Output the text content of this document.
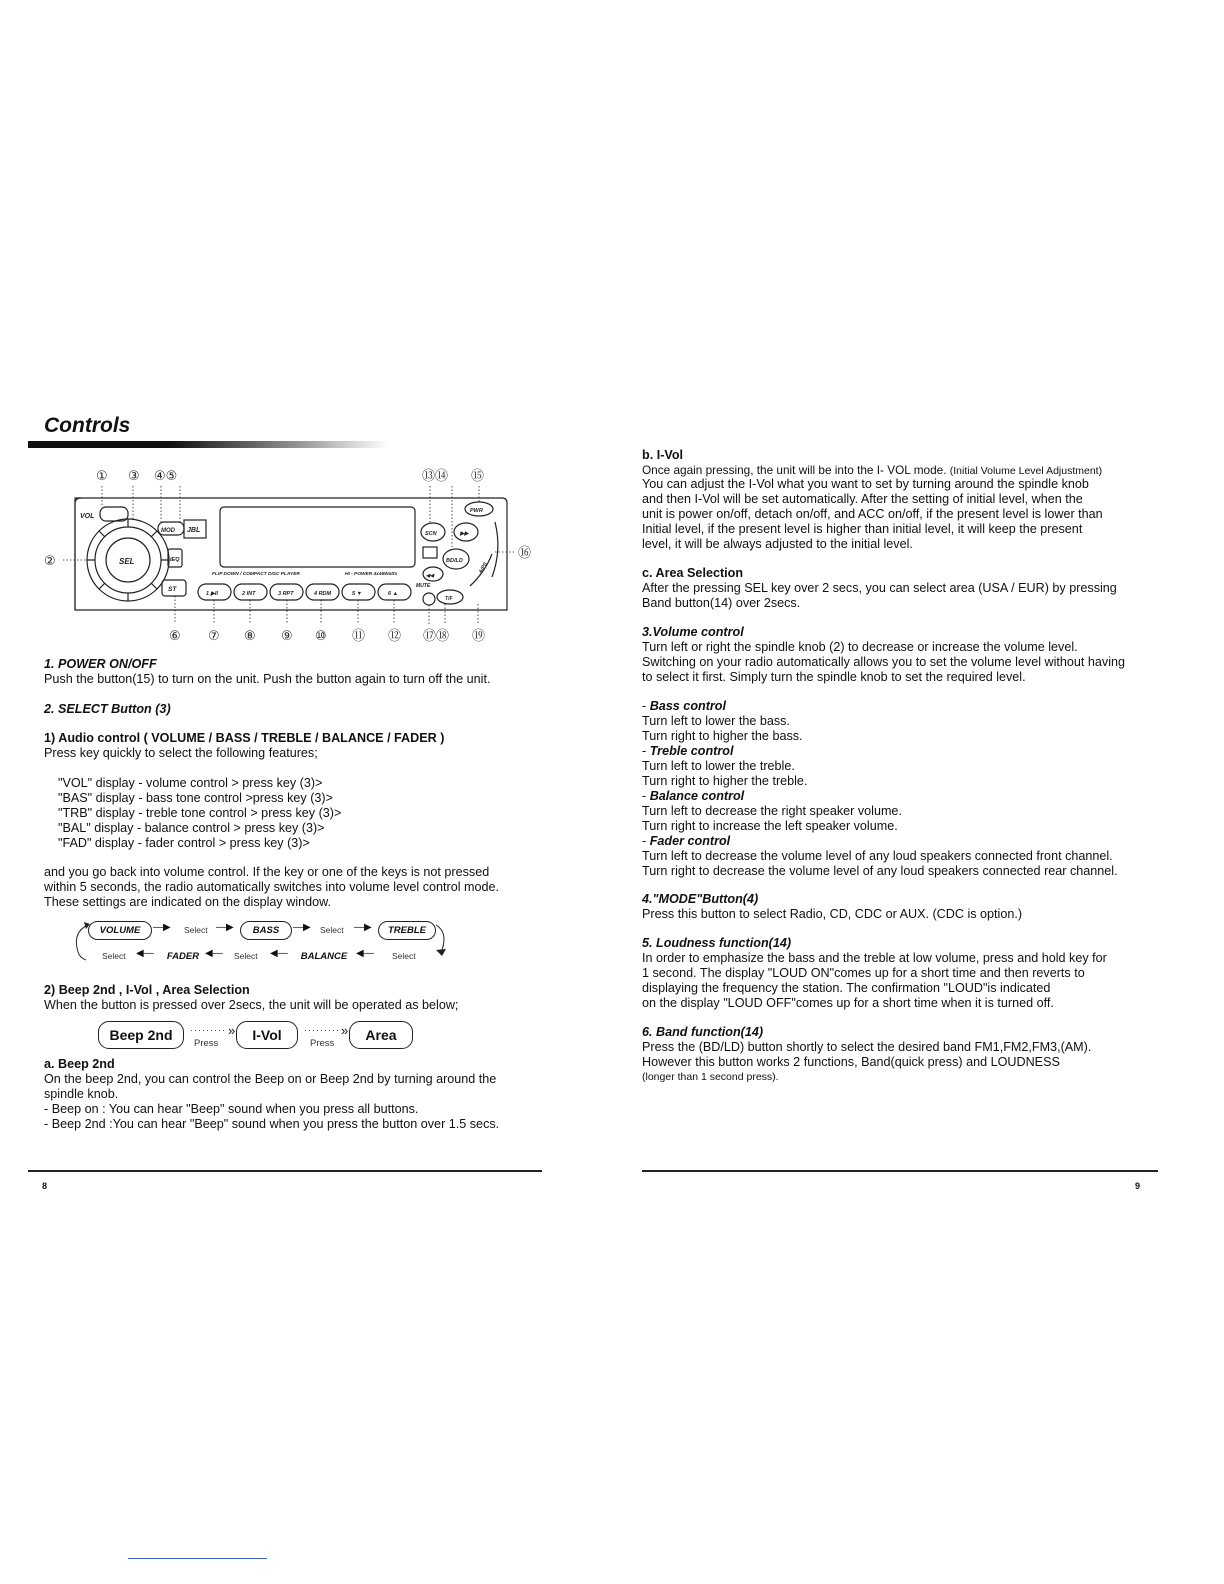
Controls
VOL
SEL
MOD JBL
IEQ
ST
FLIP DOWN / COMPACT DISC PLAYER	HI - POWER 4x45Watts
SCN	▶▶
BD/LD
◀◀
PWR
MUTE
T/F
A/PS
1 ▶II	2 INT	3 RPT	4 RDM	5 ▼	6 ▲
① ③ ④⑤	⑬⑭ ⑮
②
⑯
⑥ ⑦ ⑧ ⑨ ⑩ ⑪ ⑫ ⑰⑱ ⑲
1. POWER ON/OFF
Push the button(15) to turn on the unit. Push the button again to turn off the unit.
2. SELECT Button (3)
1) Audio control ( VOLUME / BASS / TREBLE / BALANCE / FADER )
Press key quickly to select the following features;
"VOL" display - volume control > press key (3)>
"BAS" display - bass tone control >press key (3)>
"TRB" display - treble tone control > press key (3)>
"BAL" display - balance control > press key (3)>
"FAD" display - fader control > press key (3)>
and you go back into volume control. If the key or one of the keys is not pressed
within 5 seconds, the radio automatically switches into volume level control mode.
These settings are indicated on the display window.
VOLUME	—▶ Select —▶	BASS	—▶ Select —▶	TREBLE
Select ◀—	FADER ◀— Select ◀—	BALANCE ◀— Select
2) Beep 2nd , I-Vol , Area Selection
When the button is pressed over 2secs, the unit will be operated as below;
Beep 2nd	········· »
Press
I-Vol	········· »
Press
Area
a. Beep 2nd
On the beep 2nd, you can control the Beep on or Beep 2nd by turning around the
spindle knob.
- Beep on : You can hear "Beep" sound when you press all buttons.
- Beep 2nd :You can hear "Beep" sound when you press the button over 1.5 secs.
8
b. I-Vol
Once again pressing, the unit will be into the I- VOL mode. (Initial Volume Level Adjustment)
You can adjust the I-Vol what you want to set by turning around the spindle knob
and then I-Vol will be set automatically. After the setting of initial level, when the
unit is power on/off, detach on/off, and ACC on/off, if the present level is lower than
Initial level, if the present level is higher than initial level, it will keep the present
level, it will be always adjusted to the initial level.
c. Area Selection
After the pressing SEL key over 2 secs, you can select area (USA / EUR) by pressing
Band button(14) over 2secs.
3.Volume control
Turn left or right the spindle knob (2) to decrease or increase the volume level.
Switching on your radio automatically allows you to set the volume level without having
to select it first. Simply turn the spindle knob to set the required level.
- Bass control
Turn left to lower the bass.
Turn right to higher the bass.
- Treble control
Turn left to lower the treble.
Turn right to higher the treble.
- Balance control
Turn left to decrease the right speaker volume.
Turn right to increase the left speaker volume.
- Fader control
Turn left to decrease the volume level of any loud speakers connected front channel.
Turn right to decrease the volume level of any loud speakers connected rear channel.
4."MODE"Button(4)
Press this button to select Radio, CD, CDC or AUX. (CDC is option.)
5. Loudness function(14)
In order to emphasize the bass and the treble at low volume, press and hold key for
1 second. The display "LOUD ON"comes up for a short time and then reverts to
displaying the frequency the station. The confirmation "LOUD"is indicated
on the display "LOUD OFF"comes up for a short time when it is turned off.
6. Band function(14)
Press the (BD/LD) button shortly to select the desired band FM1,FM2,FM3,(AM).
However this button works 2 functions, Band(quick press) and LOUDNESS
(longer than 1 second press).
9
